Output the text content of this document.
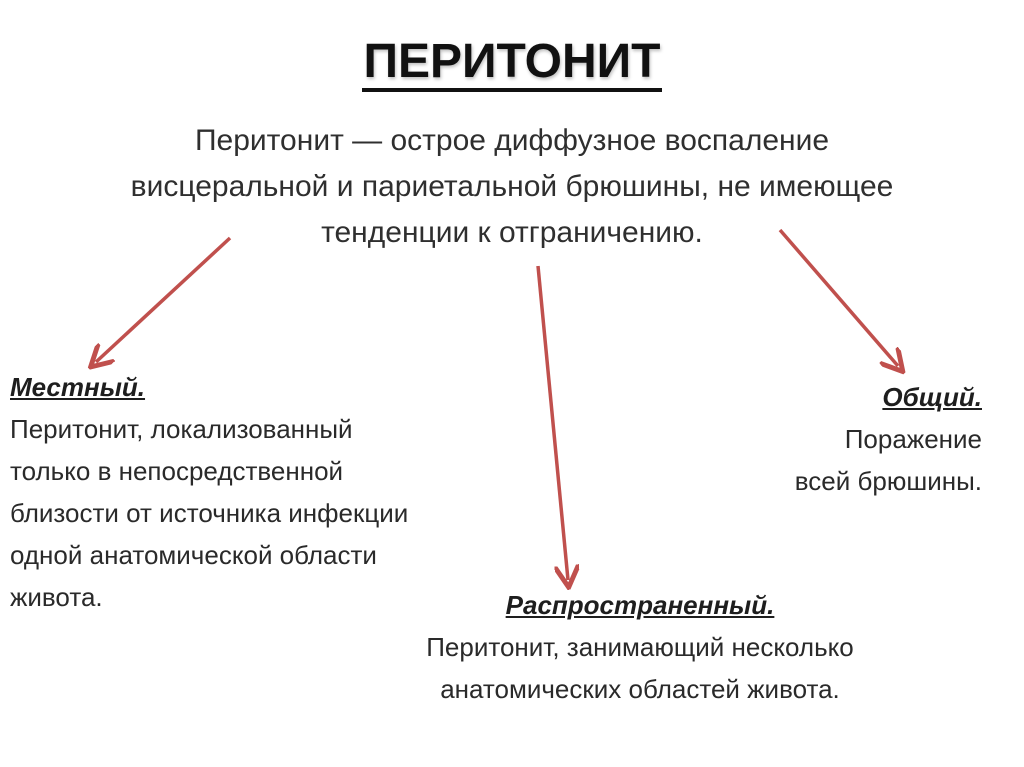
ПЕРИТОНИТ
Перитонит — острое диффузное воспаление
висцеральной и париетальной брюшины, не имеющее
тенденции к отграничению.
Местный.
Перитонит, локализованный
только в непосредственной
близости от источника инфекции
одной анатомической области
живота.
Общий.
Поражение
всей брюшины.
Распространенный.
Перитонит, занимающий несколько
анатомических областей живота.
